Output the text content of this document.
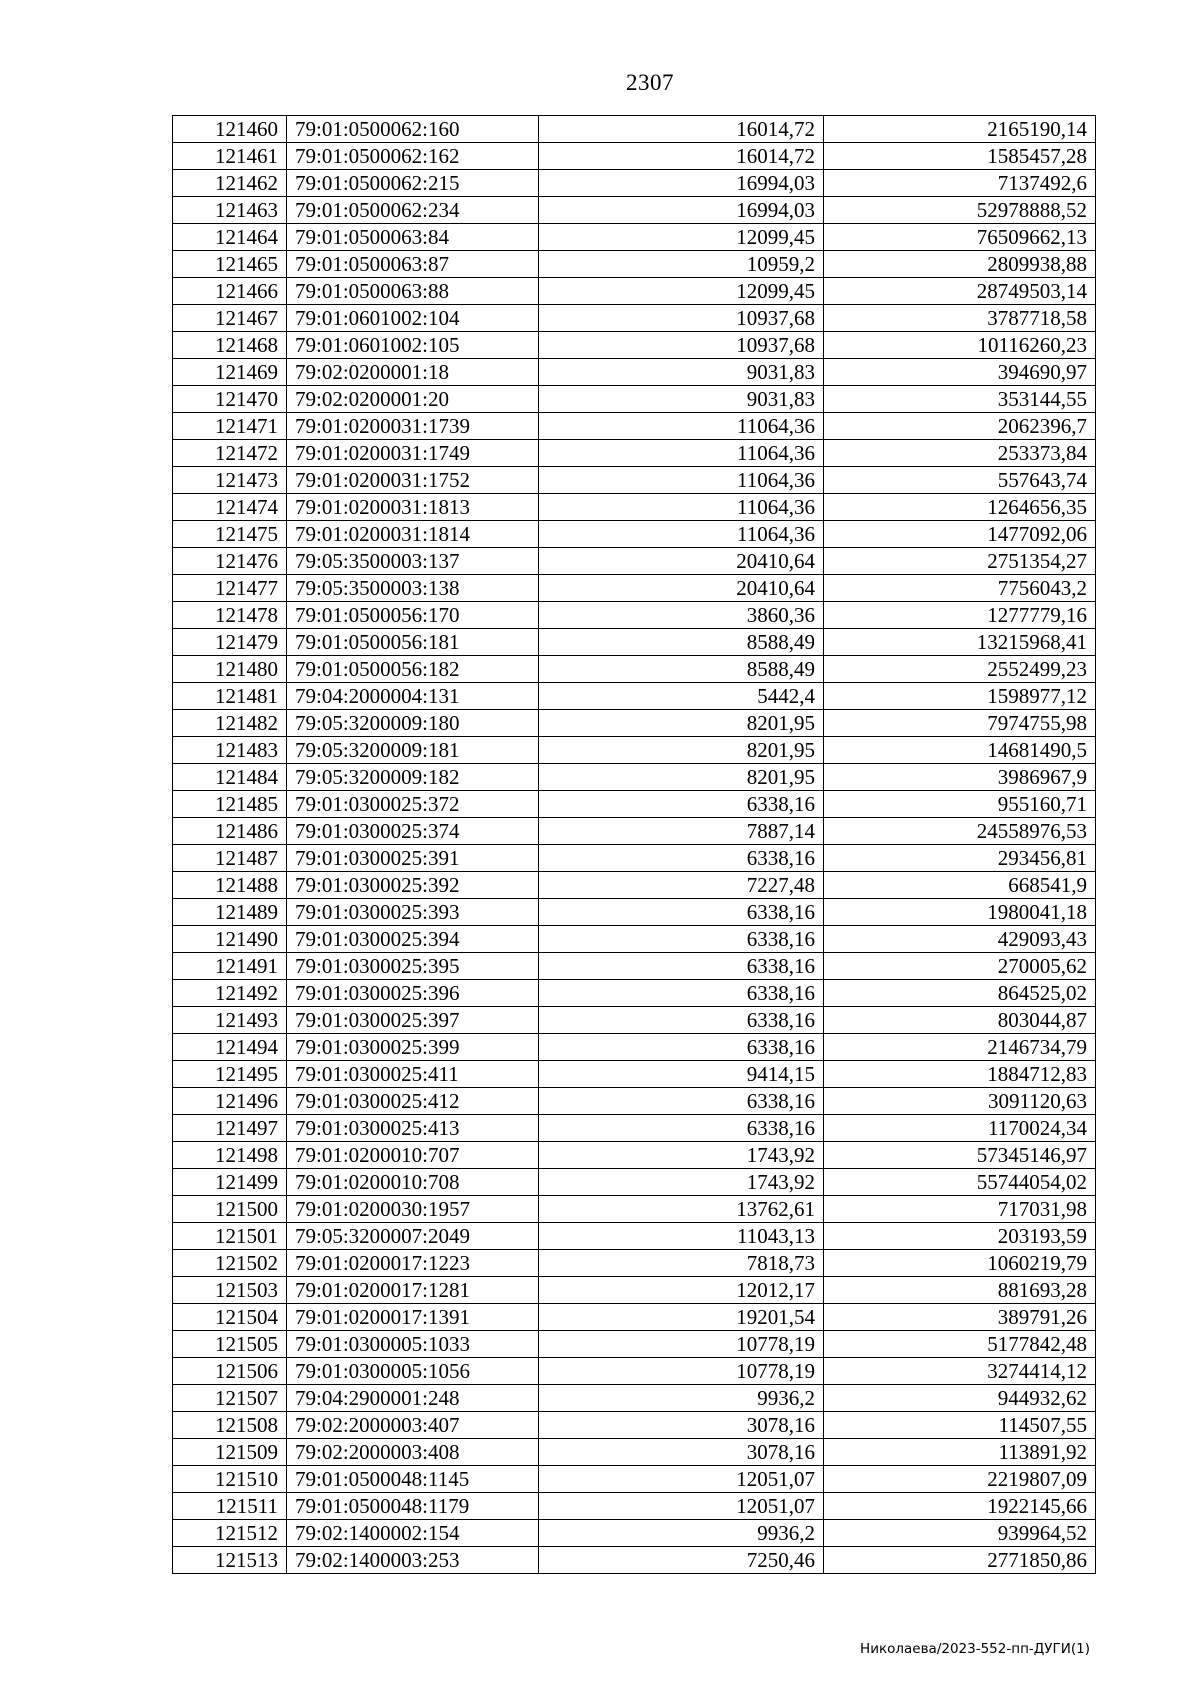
2307
121460	79:01:0500062:160	16014,72	2165190,14
121461	79:01:0500062:162	16014,72	1585457,28
121462	79:01:0500062:215	16994,03	7137492,6
121463	79:01:0500062:234	16994,03	52978888,52
121464	79:01:0500063:84	12099,45	76509662,13
121465	79:01:0500063:87	10959,2	2809938,88
121466	79:01:0500063:88	12099,45	28749503,14
121467	79:01:0601002:104	10937,68	3787718,58
121468	79:01:0601002:105	10937,68	10116260,23
121469	79:02:0200001:18	9031,83	394690,97
121470	79:02:0200001:20	9031,83	353144,55
121471	79:01:0200031:1739	11064,36	2062396,7
121472	79:01:0200031:1749	11064,36	253373,84
121473	79:01:0200031:1752	11064,36	557643,74
121474	79:01:0200031:1813	11064,36	1264656,35
121475	79:01:0200031:1814	11064,36	1477092,06
121476	79:05:3500003:137	20410,64	2751354,27
121477	79:05:3500003:138	20410,64	7756043,2
121478	79:01:0500056:170	3860,36	1277779,16
121479	79:01:0500056:181	8588,49	13215968,41
121480	79:01:0500056:182	8588,49	2552499,23
121481	79:04:2000004:131	5442,4	1598977,12
121482	79:05:3200009:180	8201,95	7974755,98
121483	79:05:3200009:181	8201,95	14681490,5
121484	79:05:3200009:182	8201,95	3986967,9
121485	79:01:0300025:372	6338,16	955160,71
121486	79:01:0300025:374	7887,14	24558976,53
121487	79:01:0300025:391	6338,16	293456,81
121488	79:01:0300025:392	7227,48	668541,9
121489	79:01:0300025:393	6338,16	1980041,18
121490	79:01:0300025:394	6338,16	429093,43
121491	79:01:0300025:395	6338,16	270005,62
121492	79:01:0300025:396	6338,16	864525,02
121493	79:01:0300025:397	6338,16	803044,87
121494	79:01:0300025:399	6338,16	2146734,79
121495	79:01:0300025:411	9414,15	1884712,83
121496	79:01:0300025:412	6338,16	3091120,63
121497	79:01:0300025:413	6338,16	1170024,34
121498	79:01:0200010:707	1743,92	57345146,97
121499	79:01:0200010:708	1743,92	55744054,02
121500	79:01:0200030:1957	13762,61	717031,98
121501	79:05:3200007:2049	11043,13	203193,59
121502	79:01:0200017:1223	7818,73	1060219,79
121503	79:01:0200017:1281	12012,17	881693,28
121504	79:01:0200017:1391	19201,54	389791,26
121505	79:01:0300005:1033	10778,19	5177842,48
121506	79:01:0300005:1056	10778,19	3274414,12
121507	79:04:2900001:248	9936,2	944932,62
121508	79:02:2000003:407	3078,16	114507,55
121509	79:02:2000003:408	3078,16	113891,92
121510	79:01:0500048:1145	12051,07	2219807,09
121511	79:01:0500048:1179	12051,07	1922145,66
121512	79:02:1400002:154	9936,2	939964,52
121513	79:02:1400003:253	7250,46	2771850,86
Николаева/2023-552-пп-ДУГИ(1)
